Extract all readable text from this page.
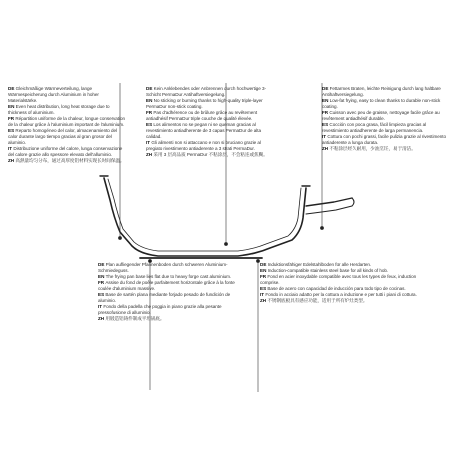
DE Gleichmäßige Wärmeverteilung, lange Wärmespeicherung durch Aluminium in hoher Materialstärke.

EN Even heat distribution, long heat storage due to thickness of aluminium.

FR Répartition uniforme de la chaleur, longue conservation de la chaleur grâce à l'aluminium important de l'aluminium.

ES Reparto homogéneo del calor, almacenamiento del calor durante largo tiempo gracias al gran grosor del aluminio.

IT Distribuzione uniforme del calore, lunga conservazione del calore grazie allo spessore elevato dell'alluminio.

ZH 高熱量均匀分布，通过高厚度铝材料实现长时间保温。

DE Kein Anklebendes oder Anbrennen durch hochwertige 3-Schicht PermaDur Antihaftversiegelung.

EN No sticking or burning thanks to high-quality triple-layer PermaDur non-stick coating.

FR Pas d'adhérence ou de brûlure grâce au revêtement antiadhésif PermaDur triple couche de qualité élevée.

ES Los alimentos no se pegan ni se queman gracias al revestimiento antiadherente de 3 capas PermaDur de alta calidad.

IT Gli alimenti non si attaccano e non si bruciano grazie al pregiato rivestimento antiaderente a 3 strati PermaDur.

ZH 采用 3 层高品质 PermaDur 不粘涂层，不会粘连或焦糊。

DE Fettarmes Braten, leichte Reinigung durch lang haltbare Antihaftversiegelung.

EN Low-fat frying, easy to clean thanks to durable non-stick coating.

FR Cuisson avec peu de graisse, nettoyage facile grâce au revêtement antiadhésif durable.

ES Cocción con poca grasa, fácil limpieza gracias al revestimiento antiadherente de larga permanencia.

IT Cottura con pochi grassi, facile pulizia grazie al rivestimento antiaderente a lunga durata.

ZH 不粘涂层经久耐用，少油烹饪，易于清洁。

DE Plan aufliegender Pfannenboden durch schweren Aluminium-Schmiedeguss.

EN The frying pan base lies flat due to heavy forge cast aluminium.

FR Assise du fond de poêle parfaitement horizontale grâce à la fonte coulée d'aluminium massive.

ES Base de sartén plana mediante forjado pesado de fundición de aluminio.

IT Fondo della padella che poggia in piano grazie alla pesante pressofusione di alluminio.

ZH 用锻造铝铸件制成平坦锅底。

DE Induktionsfähiger Edelstahlboden für alle Herdarten.

EN Induction-compatible stainless steel base for all kinds of hob.

FR Fond en acier inoxydable compatible avec tous les types de feux, induction comprise.

ES Base de acero con capacidad de inducción para todo tipo de cocinas.

IT Fondo in acciaio adatto per la cottura a induzione e per tutti i piani di cottura.

ZH 不锈钢底板具有感应功能，适用于所有炉灶类型。
